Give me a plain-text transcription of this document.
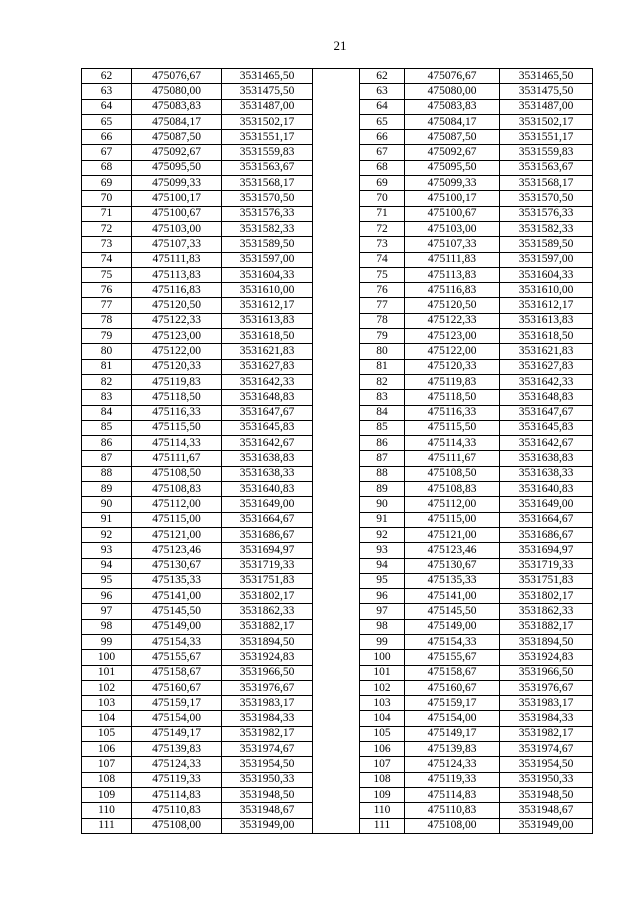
21
62	475076,67	3531465,50		62	475076,67	3531465,50
63	475080,00	3531475,50		63	475080,00	3531475,50
64	475083,83	3531487,00		64	475083,83	3531487,00
65	475084,17	3531502,17		65	475084,17	3531502,17
66	475087,50	3531551,17		66	475087,50	3531551,17
67	475092,67	3531559,83		67	475092,67	3531559,83
68	475095,50	3531563,67		68	475095,50	3531563,67
69	475099,33	3531568,17		69	475099,33	3531568,17
70	475100,17	3531570,50		70	475100,17	3531570,50
71	475100,67	3531576,33		71	475100,67	3531576,33
72	475103,00	3531582,33		72	475103,00	3531582,33
73	475107,33	3531589,50		73	475107,33	3531589,50
74	475111,83	3531597,00		74	475111,83	3531597,00
75	475113,83	3531604,33		75	475113,83	3531604,33
76	475116,83	3531610,00		76	475116,83	3531610,00
77	475120,50	3531612,17		77	475120,50	3531612,17
78	475122,33	3531613,83		78	475122,33	3531613,83
79	475123,00	3531618,50		79	475123,00	3531618,50
80	475122,00	3531621,83		80	475122,00	3531621,83
81	475120,33	3531627,83		81	475120,33	3531627,83
82	475119,83	3531642,33		82	475119,83	3531642,33
83	475118,50	3531648,83		83	475118,50	3531648,83
84	475116,33	3531647,67		84	475116,33	3531647,67
85	475115,50	3531645,83		85	475115,50	3531645,83
86	475114,33	3531642,67		86	475114,33	3531642,67
87	475111,67	3531638,83		87	475111,67	3531638,83
88	475108,50	3531638,33		88	475108,50	3531638,33
89	475108,83	3531640,83		89	475108,83	3531640,83
90	475112,00	3531649,00		90	475112,00	3531649,00
91	475115,00	3531664,67		91	475115,00	3531664,67
92	475121,00	3531686,67		92	475121,00	3531686,67
93	475123,46	3531694,97		93	475123,46	3531694,97
94	475130,67	3531719,33		94	475130,67	3531719,33
95	475135,33	3531751,83		95	475135,33	3531751,83
96	475141,00	3531802,17		96	475141,00	3531802,17
97	475145,50	3531862,33		97	475145,50	3531862,33
98	475149,00	3531882,17		98	475149,00	3531882,17
99	475154,33	3531894,50		99	475154,33	3531894,50
100	475155,67	3531924,83		100	475155,67	3531924,83
101	475158,67	3531966,50		101	475158,67	3531966,50
102	475160,67	3531976,67		102	475160,67	3531976,67
103	475159,17	3531983,17		103	475159,17	3531983,17
104	475154,00	3531984,33		104	475154,00	3531984,33
105	475149,17	3531982,17		105	475149,17	3531982,17
106	475139,83	3531974,67		106	475139,83	3531974,67
107	475124,33	3531954,50		107	475124,33	3531954,50
108	475119,33	3531950,33		108	475119,33	3531950,33
109	475114,83	3531948,50		109	475114,83	3531948,50
110	475110,83	3531948,67		110	475110,83	3531948,67
111	475108,00	3531949,00		111	475108,00	3531949,00
